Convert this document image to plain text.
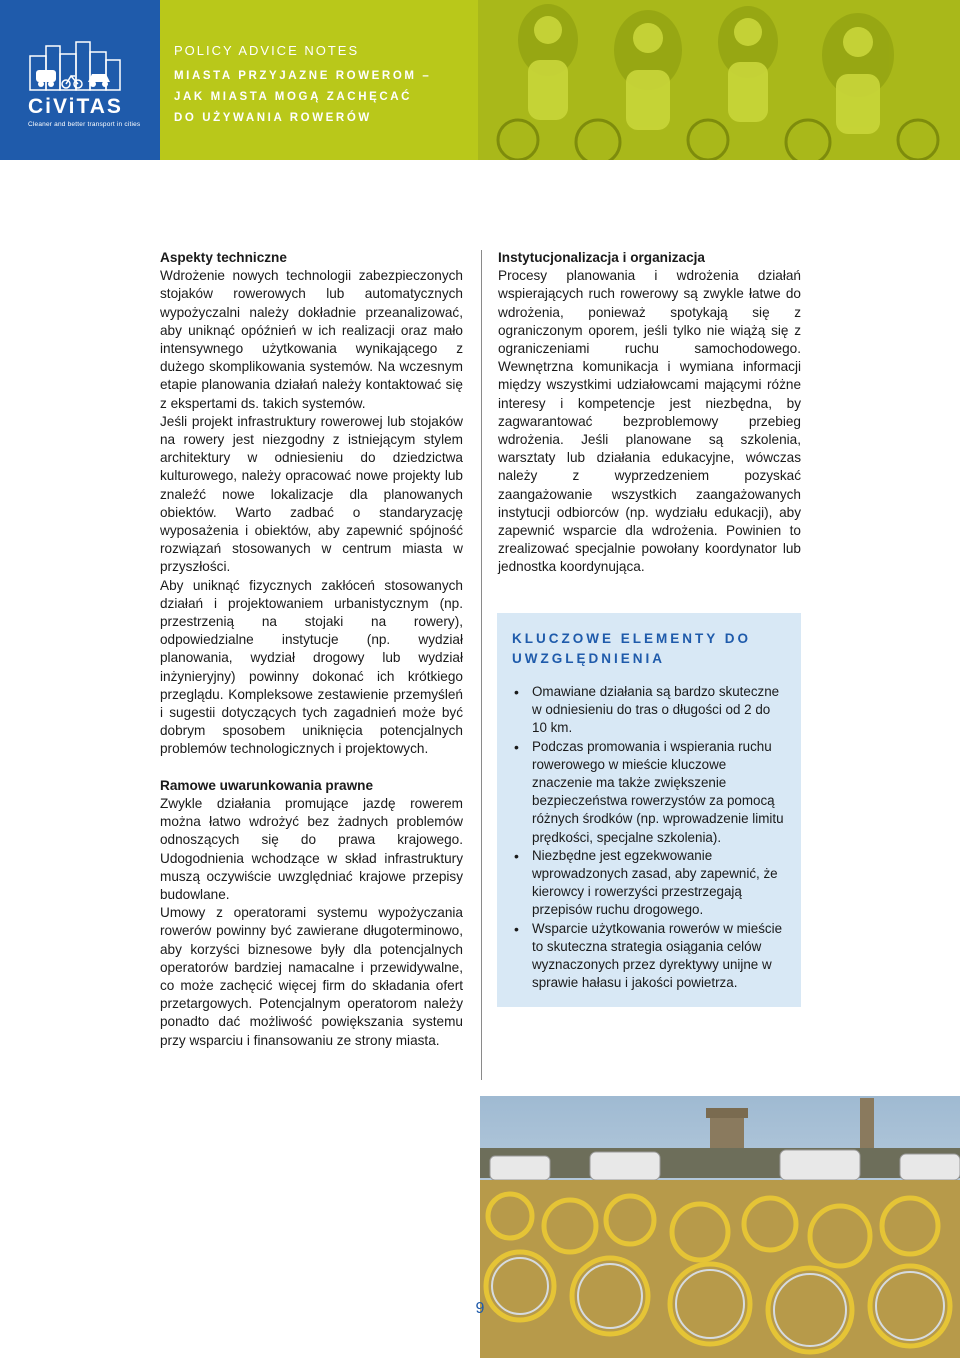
CiViTAS
Cleaner and better transport in cities
POLICY ADVICE NOTES
MIASTA PRZYJAZNE ROWEROM –
JAK MIASTA MOGĄ ZACHĘCAĆ
DO UŻYWANIA ROWERÓW
Aspekty techniczne

Wdrożenie nowych technologii zabezpieczonych stojaków rowerowych lub automatycznych wypożyczalni należy dokładnie przeanalizować, aby uniknąć opóźnień w ich realizacji oraz mało intensywnego użytkowania wynikającego z dużego skomplikowania systemów. Na wczesnym etapie planowania działań należy kontaktować się z ekspertami ds. takich systemów.

Jeśli projekt infrastruktury rowerowej lub stojaków na rowery jest niezgodny z istniejącym stylem architektury w odniesieniu do dziedzictwa kulturowego, należy opracować nowe projekty lub znaleźć nowe lokalizacje dla planowanych obiektów. Warto zadbać o standaryzację wyposażenia i obiektów, aby zapewnić spójność rozwiązań stosowanych w centrum miasta w przyszłości.

Aby uniknąć fizycznych zakłóceń stosowanych działań i projektowaniem urbanistycznym (np. przestrzenią na stojaki na rowery), odpowiedzialne instytucje (np. wydział planowania, wydział drogowy lub wydział inżynieryjny) powinny dokonać ich krótkiego przeglądu. Kompleksowe zestawienie przemyśleń i sugestii dotyczących tych zagadnień może być dobrym sposobem uniknięcia potencjalnych problemów technologicznych i projektowych.

Ramowe uwarunkowania prawne

Zwykle działania promujące jazdę rowerem można łatwo wdrożyć bez żadnych problemów odnoszących się do prawa krajowego. Udogodnienia wchodzące w skład infrastruktury muszą oczywiście uwzględniać krajowe przepisy budowlane.

Umowy z operatorami systemu wypożyczania rowerów powinny być zawierane długoterminowo, aby korzyści biznesowe były dla potencjalnych operatorów bardziej namacalne i przewidywalne, co może zachęcić więcej firm do składania ofert przetargowych. Potencjalnym operatorom należy ponadto dać możliwość powiększania systemu przy wsparciu i finansowaniu ze strony miasta.

Instytucjonalizacja i organizacja

Procesy planowania i wdrożenia działań wspierających ruch rowerowy są zwykle łatwe do wdrożenia, ponieważ spotykają się z ograniczonym oporem, jeśli tylko nie wiążą się z ograniczeniami ruchu samochodowego. Wewnętrzna komunikacja i wymiana informacji między wszystkimi udziałowcami mającymi różne interesy i kompetencje jest niezbędna, by zagwarantować bezproblemowy przebieg wdrożenia. Jeśli planowane są szkolenia, warsztaty lub działania edukacyjne, wówczas należy z wyprzedzeniem pozyskać zaangażowanie wszystkich zaangażowanych instytucji odbiorców (np. wydziału edukacji), aby zapewnić wsparcie dla wdrożenia. Powinien to zrealizować specjalnie powołany koordynator lub jednostka koordynująca.

KLUCZOWE ELEMENTY DO
UWZGLĘDNIENIA
• Omawiane działania są bardzo skuteczne w odniesieniu do tras o długości od 2 do 10 km.
• Podczas promowania i wspierania ruchu rowerowego w mieście kluczowe znaczenie ma także zwiększenie bezpieczeństwa rowerzystów za pomocą różnych środków (np. wprowadzenie limitu prędkości, specjalne szkolenia).
• Niezbędne jest egzekwowanie wprowadzonych zasad, aby zapewnić, że kierowcy i rowerzyści przestrzegają przepisów ruchu drogowego.
• Wsparcie użytkowania rowerów w mieście to skuteczna strategia osiągania celów wyznaczonych przez dyrektywy unijne w sprawie hałasu i jakości powietrza.
9
